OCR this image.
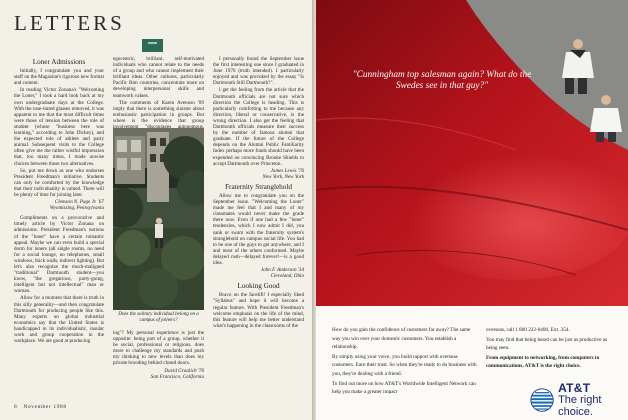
LETTERS
Loner Admissions

Initially, I congratulate you and your staff on the Magazine's rigorous new format and content.

In reading Victor Zonana's "Welcoming the Loner," I took a hard look back at my own undergraduate days at the College. With the rose-tinted glasses removed, it was apparent to me that the most difficult times were those of tension between the role of student (whose "business here was learning," according to John Dickey), and the expected role of athlete and party animal. Subsequent visits to the College often give me the rather wistful impression that, too many times, I made unwise choices between those two alternatives.

So, put me down as one who endorses President Freedman's initiative. Students can only be comforted by the knowledge that their individuality is valued. There will be plenty of time for joining later.

Clemson N. Page Jr. '67
Wyomissing, Pennsylvania

Compliments on a provocative and timely article by Victor Zonana on admissions. President Freedman's notions of the "loner" have a certain romantic appeal. Maybe we can even build a special dorm for loners (all single rooms, no need for a social lounge, no telephones, small windows, thick walls, indirect lighting). But let's also recognize the much-maligned "traditional" Dartmouth student—you know, "the gregarious, party-going, intelligent but not intellectual" man or woman.

Allow for a moment that there is truth in this silly generality—and then congratulate Dartmouth for producing people like this. Many experts on global industrial economics say that the United States is handicapped in its individualistic, insular work and group cooperation in the workplace. We are good at producing

egocentric, brilliant, self-motivated individuals who cannot relate to the needs of a group and who cannot implement their brilliant ideas. Other cultures, particularly Pacific Rim countries, concentrate more on developing interpersonal skills and teamwork values.

The comments of Karen Avenoso '89 imply that there is something sinister about enthusiastic participation in groups. But where is the evidence that group

Does the solitary individual belong on a campus of joiners?

ing"? My personal experience is just the opposite: being part of a group, whether it be social, professional or religious, does more to challenge my standards and push my thinking to new levels than does my private brooding behind closed doors.

David Graulich '76
San Francisco, California

I personally found the September issue the first interesting one since I graduated in June 1976 (truth intended). I particularly enjoyed and was provoked by the essay "Is Dartmouth Still Dartmouth?".

I get the feeling from the article that the Dartmouth officials are not sure which direction the College is heading. This is particularly comforting to me because any direction, liberal or conservative, is the wrong direction. I also get the feeling that Dartmouth officials measure their success by the number of famous alumni that graduate. If the future of the College depends on the Alumni Public Familiarity Index perhaps more funds should have been expended on convincing Brooke Shields to accept Dartmouth over Princeton.

James Lewis '76
New York, New York
Fraternity Stranglehold

Allow me to congratulate you on the September issue. "Welcoming the Loner" made me feel that I and many of my classmates would never make the grade there now. Even if one had a few "loner" tendencies, which I now admit I did, you sank or swam with the fraternity system's stranglehold on campus social life. You had to be one of the guys to get anywhere, and I and most of the others conformed. Maybe delayed rush—delayed forever!—is a good idea.

John F. Anderson '34
Cleveland, Ohio
Looking Good

Bravo on the facelift! I especially liked "Syllabus" and hope it will become a regular feature. With President Freedman's welcome emphasis on the life of the mind, this feature will help me better understand what's happening in the classrooms of the

8 November 1988
"Cunningham top salesman again? What do the Swedes see in that guy?"

How do you gain the confidence of customers far away? The same way you win over your domestic customers. You establish a relationship.

By simply using your voice, you build rapport with overseas customers. Earn their trust. So when they're ready to do business with you, they're dealing with a friend.

To find out more on how AT&T's Worldwide Intelligent Network can help you make a greater impact

overseas, call 1 800 222-0400, Ext. 354.

You may find that being heard can be just as productive as being seen.

From equipment to networking, from computers to communications, AT&T is the right choice.

AT&T
The right choice.
